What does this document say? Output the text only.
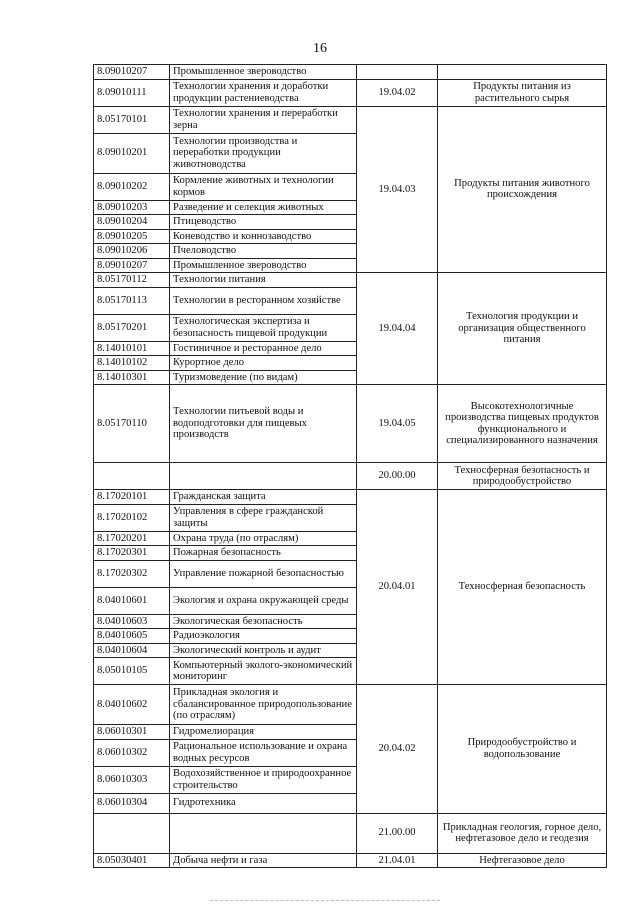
16
8.09010207	Промышленное звероводство		
8.09010111	Технологии хранения и доработки продукции растениеводства	19.04.02	Продукты питания из растительного сырья
8.05170101	Технологии хранения и переработки зерна	19.04.03	Продукты питания животного происхождения
8.09010201	Технологии производства и переработки продукции животноводства		
8.09010202	Кормление животных и технологии кормов		
8.09010203	Разведение и селекция животных		
8.09010204	Птицеводство		
8.09010205	Коневодство и коннозаводство		
8.09010206	Пчеловодство		
8.09010207	Промышленное звероводство		
8.05170112	Технологии питания	19.04.04	Технология продукции и организация общественного питания
8.05170113	Технологии в ресторанном хозяйстве		
8.05170201	Технологическая экспертиза и безопасность пищевой продукции		
8.14010101	Гостиничное и ресторанное дело		
8.14010102	Курортное дело		
8.14010301	Туризмоведение (по видам)		
8.05170110	Технологии питьевой воды и водоподготовки для пищевых производств	19.04.05	Высокотехнологичные производства пищевых продуктов функционального и специализированного назначения
		20.00.00	Техносферная безопасность и природообустройство
8.17020101	Гражданская защита	20.04.01	Техносферная безопасность
8.17020102	Управления в сфере гражданской защиты		
8.17020201	Охрана труда (по отраслям)		
8.17020301	Пожарная безопасность		
8.17020302	Управление пожарной безопасностью		
8.04010601	Экология и охрана окружающей среды		
8.04010603	Экологическая безопасность		
8.04010605	Радиоэкология		
8.04010604	Экологический контроль и аудит		
8.05010105	Компьютерный эколого-экономический мониторинг		
8.04010602	Прикладная экология и сбалансированное природопользование (по отраслям)	20.04.02	Природообустройство и водопользование
8.06010301	Гидромелиорация		
8.06010302	Рациональное использование и охрана водных ресурсов		
8.06010303	Водохозяйственное и природоохранное строительство		
8.06010304	Гидротехника		
		21.00.00	Прикладная геология, горное дело, нефтегазовое дело и геодезия
8.05030401	Добыча нефти и газа	21.04.01	Нефтегазовое дело
